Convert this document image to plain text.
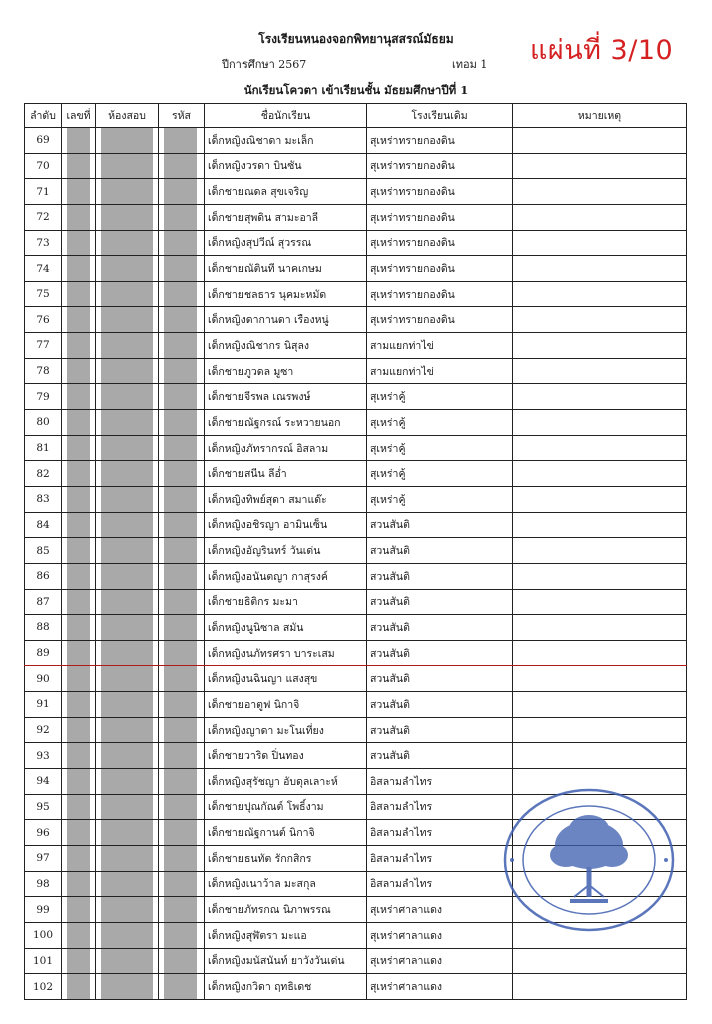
โรงเรียนหนองจอกพิทยานุสสรณ์มัธยม
ปีการศึกษา 2567	เทอม 1 แผ่นที่ 3/10
นักเรียนโควตา เข้าเรียนชั้น มัธยมศึกษาปีที่ 1
ลำดับ	เลขที่	ห้องสอบ	รหัส	ชื่อนักเรียน	โรงเรียนเดิม	หมายเหตุ
69				เด็กหญิงณิชาดา มะเล็ก	สุเหร่าทรายกองดิน	
70				เด็กหญิงวรดา บินซัน	สุเหร่าทรายกองดิน	
71				เด็กชายณดล สุขเจริญ	สุเหร่าทรายกองดิน	
72				เด็กชายสุพดิน สามะอาลี	สุเหร่าทรายกองดิน	
73				เด็กหญิงสุปวีณ์ สุวรรณ	สุเหร่าทรายกองดิน	
74				เด็กชายณัตินที นาคเกษม	สุเหร่าทรายกองดิน	
75				เด็กชายชลธาร นุคมะหมัด	สุเหร่าทรายกองดิน	
76				เด็กหญิงดากานดา เรืองหนู่	สุเหร่าทรายกองดิน	
77				เด็กหญิงณิชากร นิสุลง	สามแยกท่าไข่	
78				เด็กชายภูวดล มูซา	สามแยกท่าไข่	
79				เด็กชายจีรพล เณรพงษ์	สุเหร่าคู้	
80				เด็กชายณัฐกรณ์ ระหวายนอก	สุเหร่าคู้	
81				เด็กหญิงภัทรากรณ์ อิสลาม	สุเหร่าคู้	
82				เด็กชายสนีน ลีอ่ำ	สุเหร่าคู้	
83				เด็กหญิงทิพย์สุดา สมาแด๊ะ	สุเหร่าคู้	
84				เด็กหญิงอชิรญา อามินเซ็น	สวนสันติ	
85				เด็กหญิงอัญรินทร์ วันเด่น	สวนสันติ	
86				เด็กหญิงอนันตญา กาสุรงค์	สวนสันติ	
87				เด็กชายธิติกร มะมา	สวนสันติ	
88				เด็กหญิงนูนิซาล สมัน	สวนสันติ	
89				เด็กหญิงนภัทรศรา บาระเสม	สวนสันติ	
90				เด็กหญิงนฉินญา แสงสุข	สวนสันติ	
91				เด็กชายอาตูฟ นิกาจิ	สวนสันติ	
92				เด็กหญิงญาดา มะโนเที่ยง	สวนสันติ	
93				เด็กชายวาริด ปิ่นทอง	สวนสันติ	
94				เด็กหญิงสุรัชญา อับดุลเลาะห์	อิสลามลำไทร	
95				เด็กชายปุณกัณต์ โพธิ์งาม	อิสลามลำไทร	
96				เด็กชายณัฐกานต์ นิกาจิ	อิสลามลำไทร	
97				เด็กชายธนทัต รักกสิกร	อิสลามลำไทร	
98				เด็กหญิงเนาว้าล มะสกุล	อิสลามลำไทร	
99				เด็กชายภัทรกณ นิภาพรรณ	สุเหร่าศาลาแดง	
100				เด็กหญิงสุฬัตรา มะแอ	สุเหร่าศาลาแดง	
101				เด็กหญิงมนัสนันท์ ยาวังวันเด่น	สุเหร่าศาลาแดง	
102				เด็กหญิงกวิดา ฤทธิเดช	สุเหร่าศาลาแดง	
